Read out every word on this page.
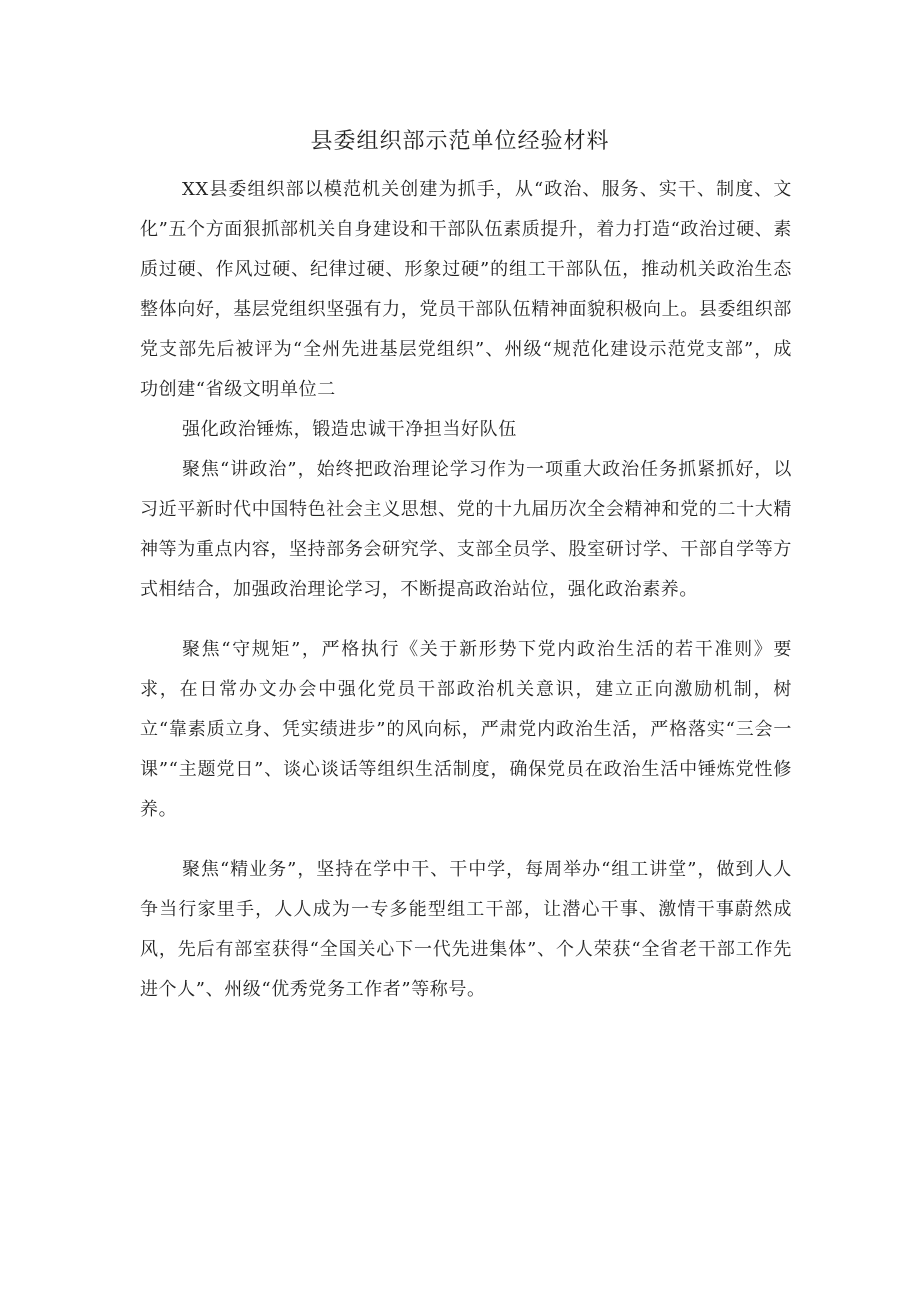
县委组织部示范单位经验材料

XX县委组织部以模范机关创建为抓手，从“政治、服务、实干、制度、文化”五个方面狠抓部机关自身建设和干部队伍素质提升，着力打造“政治过硬、素质过硬、作风过硬、纪律过硬、形象过硬”的组工干部队伍，推动机关政治生态整体向好，基层党组织坚强有力，党员干部队伍精神面貌积极向上。县委组织部党支部先后被评为“全州先进基层党组织”、州级“规范化建设示范党支部”，成功创建“省级文明单位二

强化政治锤炼，锻造忠诚干净担当好队伍

聚焦“讲政治”，始终把政治理论学习作为一项重大政治任务抓紧抓好，以习近平新时代中国特色社会主义思想、党的十九届历次全会精神和党的二十大精神等为重点内容，坚持部务会研究学、支部全员学、股室研讨学、干部自学等方式相结合，加强政治理论学习，不断提高政治站位，强化政治素养。

聚焦“守规矩”，严格执行《关于新形势下党内政治生活的若干准则》要求，在日常办文办会中强化党员干部政治机关意识，建立正向激励机制，树立“靠素质立身、凭实绩进步”的风向标，严肃党内政治生活，严格落实“三会一课”“主题党日”、谈心谈话等组织生活制度，确保党员在政治生活中锤炼党性修养。

聚焦“精业务”，坚持在学中干、干中学，每周举办“组工讲堂”，做到人人争当行家里手，人人成为一专多能型组工干部，让潜心干事、激情干事蔚然成风，先后有部室获得“全国关心下一代先进集体”、个人荣获“全省老干部工作先进个人”、州级“优秀党务工作者”等称号。
